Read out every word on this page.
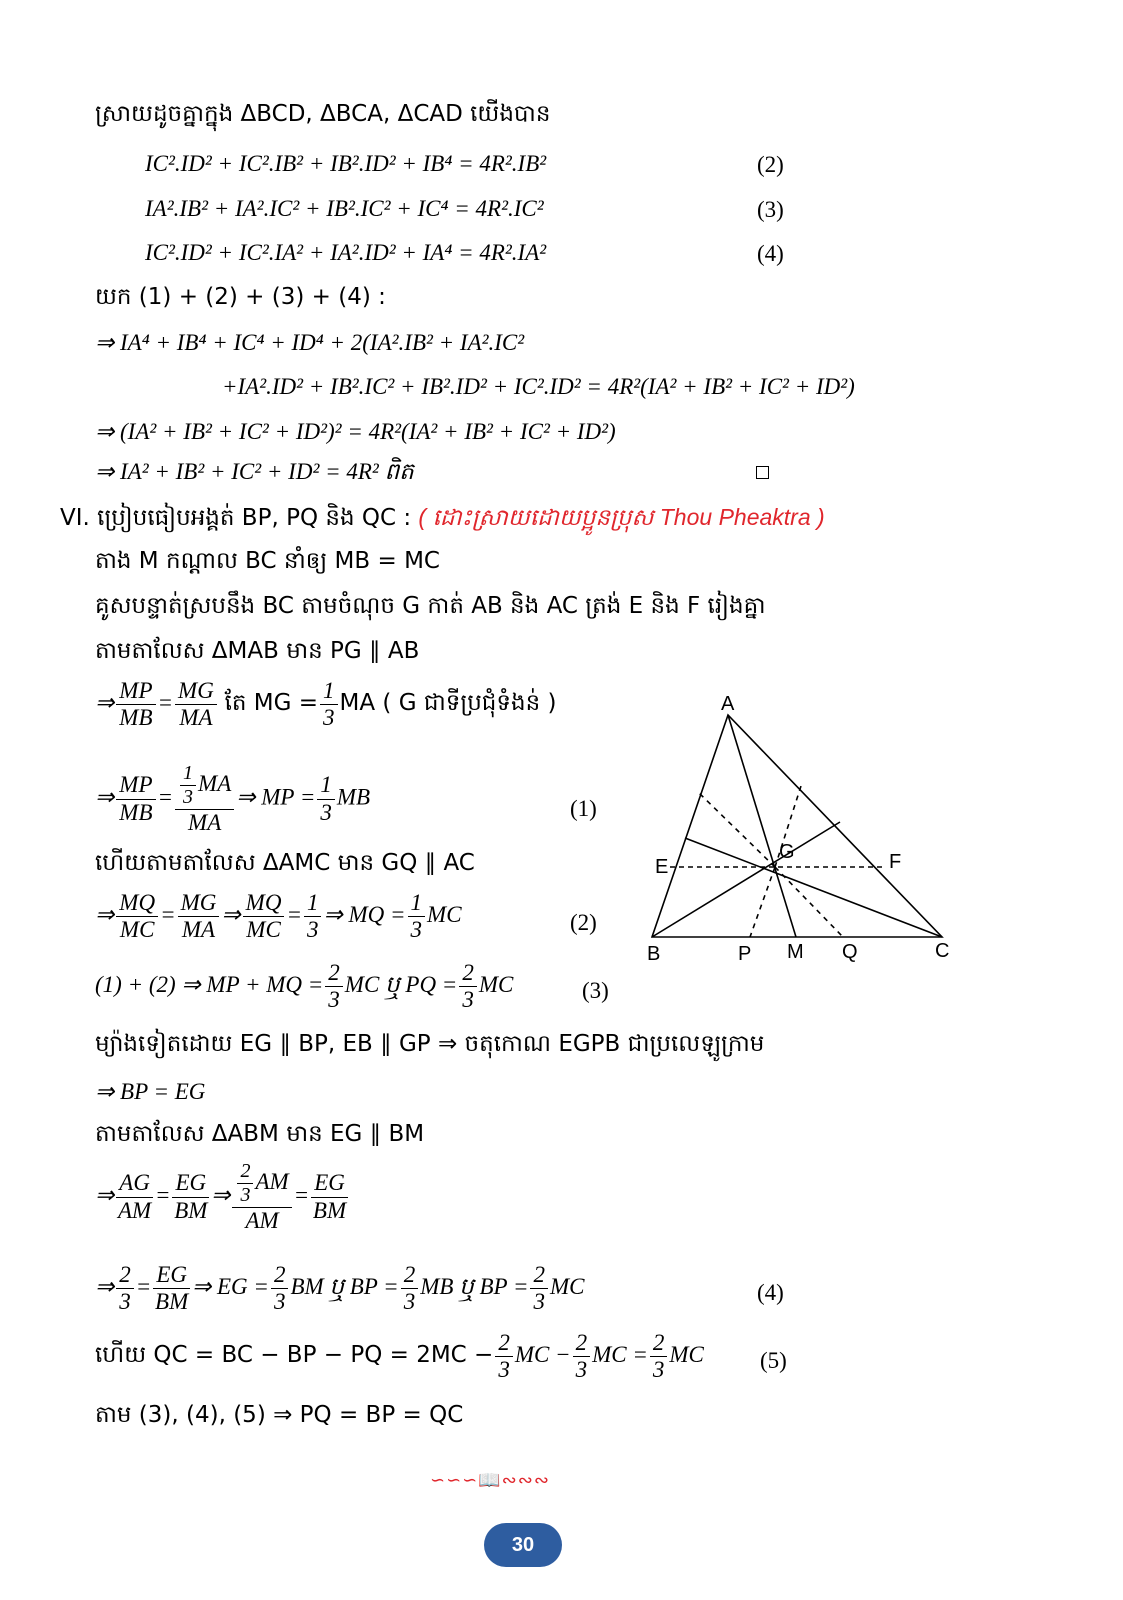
ស្រាយដូចគ្នាក្នុង ΔBCD, ΔBCA, ΔCAD យើងបាន
IC².ID² + IC².IB² + IB².ID² + IB⁴ = 4R².IB²	(2)
IA².IB² + IA².IC² + IB².IC² + IC⁴ = 4R².IC²	(3)
IC².ID² + IC².IA² + IA².ID² + IA⁴ = 4R².IA²	(4)
យក (1) + (2) + (3) + (4) :
⇒ IA⁴ + IB⁴ + IC⁴ + ID⁴ + 2(IA².IB² + IA².IC²
+IA².ID² + IB².IC² + IB².ID² + IC².ID² = 4R²(IA² + IB² + IC² + ID²)
⇒ (IA² + IB² + IC² + ID²)² = 4R²(IA² + IB² + IC² + ID²)
⇒ IA² + IB² + IC² + ID² = 4R² ពិត
VI. ប្រៀបធៀបអង្គត់ BP, PQ និង QC : ( ដោះស្រាយដោយប្អូនប្រុស Thou Pheaktra )
តាង M កណ្តាល BC នាំឲ្យ MB = MC
គូសបន្ទាត់ស្របនឹង BC តាមចំណុច G កាត់ AB និង AC ត្រង់ E និង F រៀងគ្នា
តាមតាលែស ΔMAB មាន PG ∥ AB
⇒ $\frac{MP}{MB} = \frac{MG}{MA}$ តែ MG = $\frac{1}{3}$ MA ( G ជាទីប្រជុំទំងន់ )
⇒ $\frac{MP}{MB} = \frac{\frac{1}{3} MA}{MA}$ ⇒ MP = $\frac{1}{3}$ MB	(1)
ហើយតាមតាលែស ΔAMC មាន GQ ∥ AC
⇒ $\frac{MQ}{MC} = \frac{MG}{MA}$ ⇒ $\frac{MQ}{MC} = \frac{1}{3}$ ⇒ MQ = $\frac{1}{3}$ MC	(2)
(1) + (2) ⇒ MP + MQ = $\frac{2}{3}$ MC ឬ PQ = $\frac{2}{3}$ MC	(3)
ម្យ៉ាងទៀតដោយ EG ∥ BP, EB ∥ GP ⇒ ចតុកោណ EGPB ជាប្រលេឡូក្រាម
⇒ BP = EG
តាមតាលែស ΔABM មាន EG ∥ BM
⇒ $\frac{AG}{AM} = \frac{EG}{BM}$ ⇒ $\frac{\frac{2}{3} AM}{AM} = \frac{EG}{BM}$
⇒ $\frac{2}{3} = \frac{EG}{BM}$ ⇒ EG = $\frac{2}{3}$ BM ឬ BP = $\frac{2}{3}$ MB ឬ BP = $\frac{2}{3}$ MC	(4)
ហើយ QC = BC − BP − PQ = $2MC - \frac{2}{3}$ MC − $\frac{2}{3}$ MC = $\frac{2}{3}$ MC (5)
តាម (3), (4), (5) ⇒ PQ = BP = QC
A
B	C
E	F
G
P M Q
∽∽∽📖∾∾∾
30
